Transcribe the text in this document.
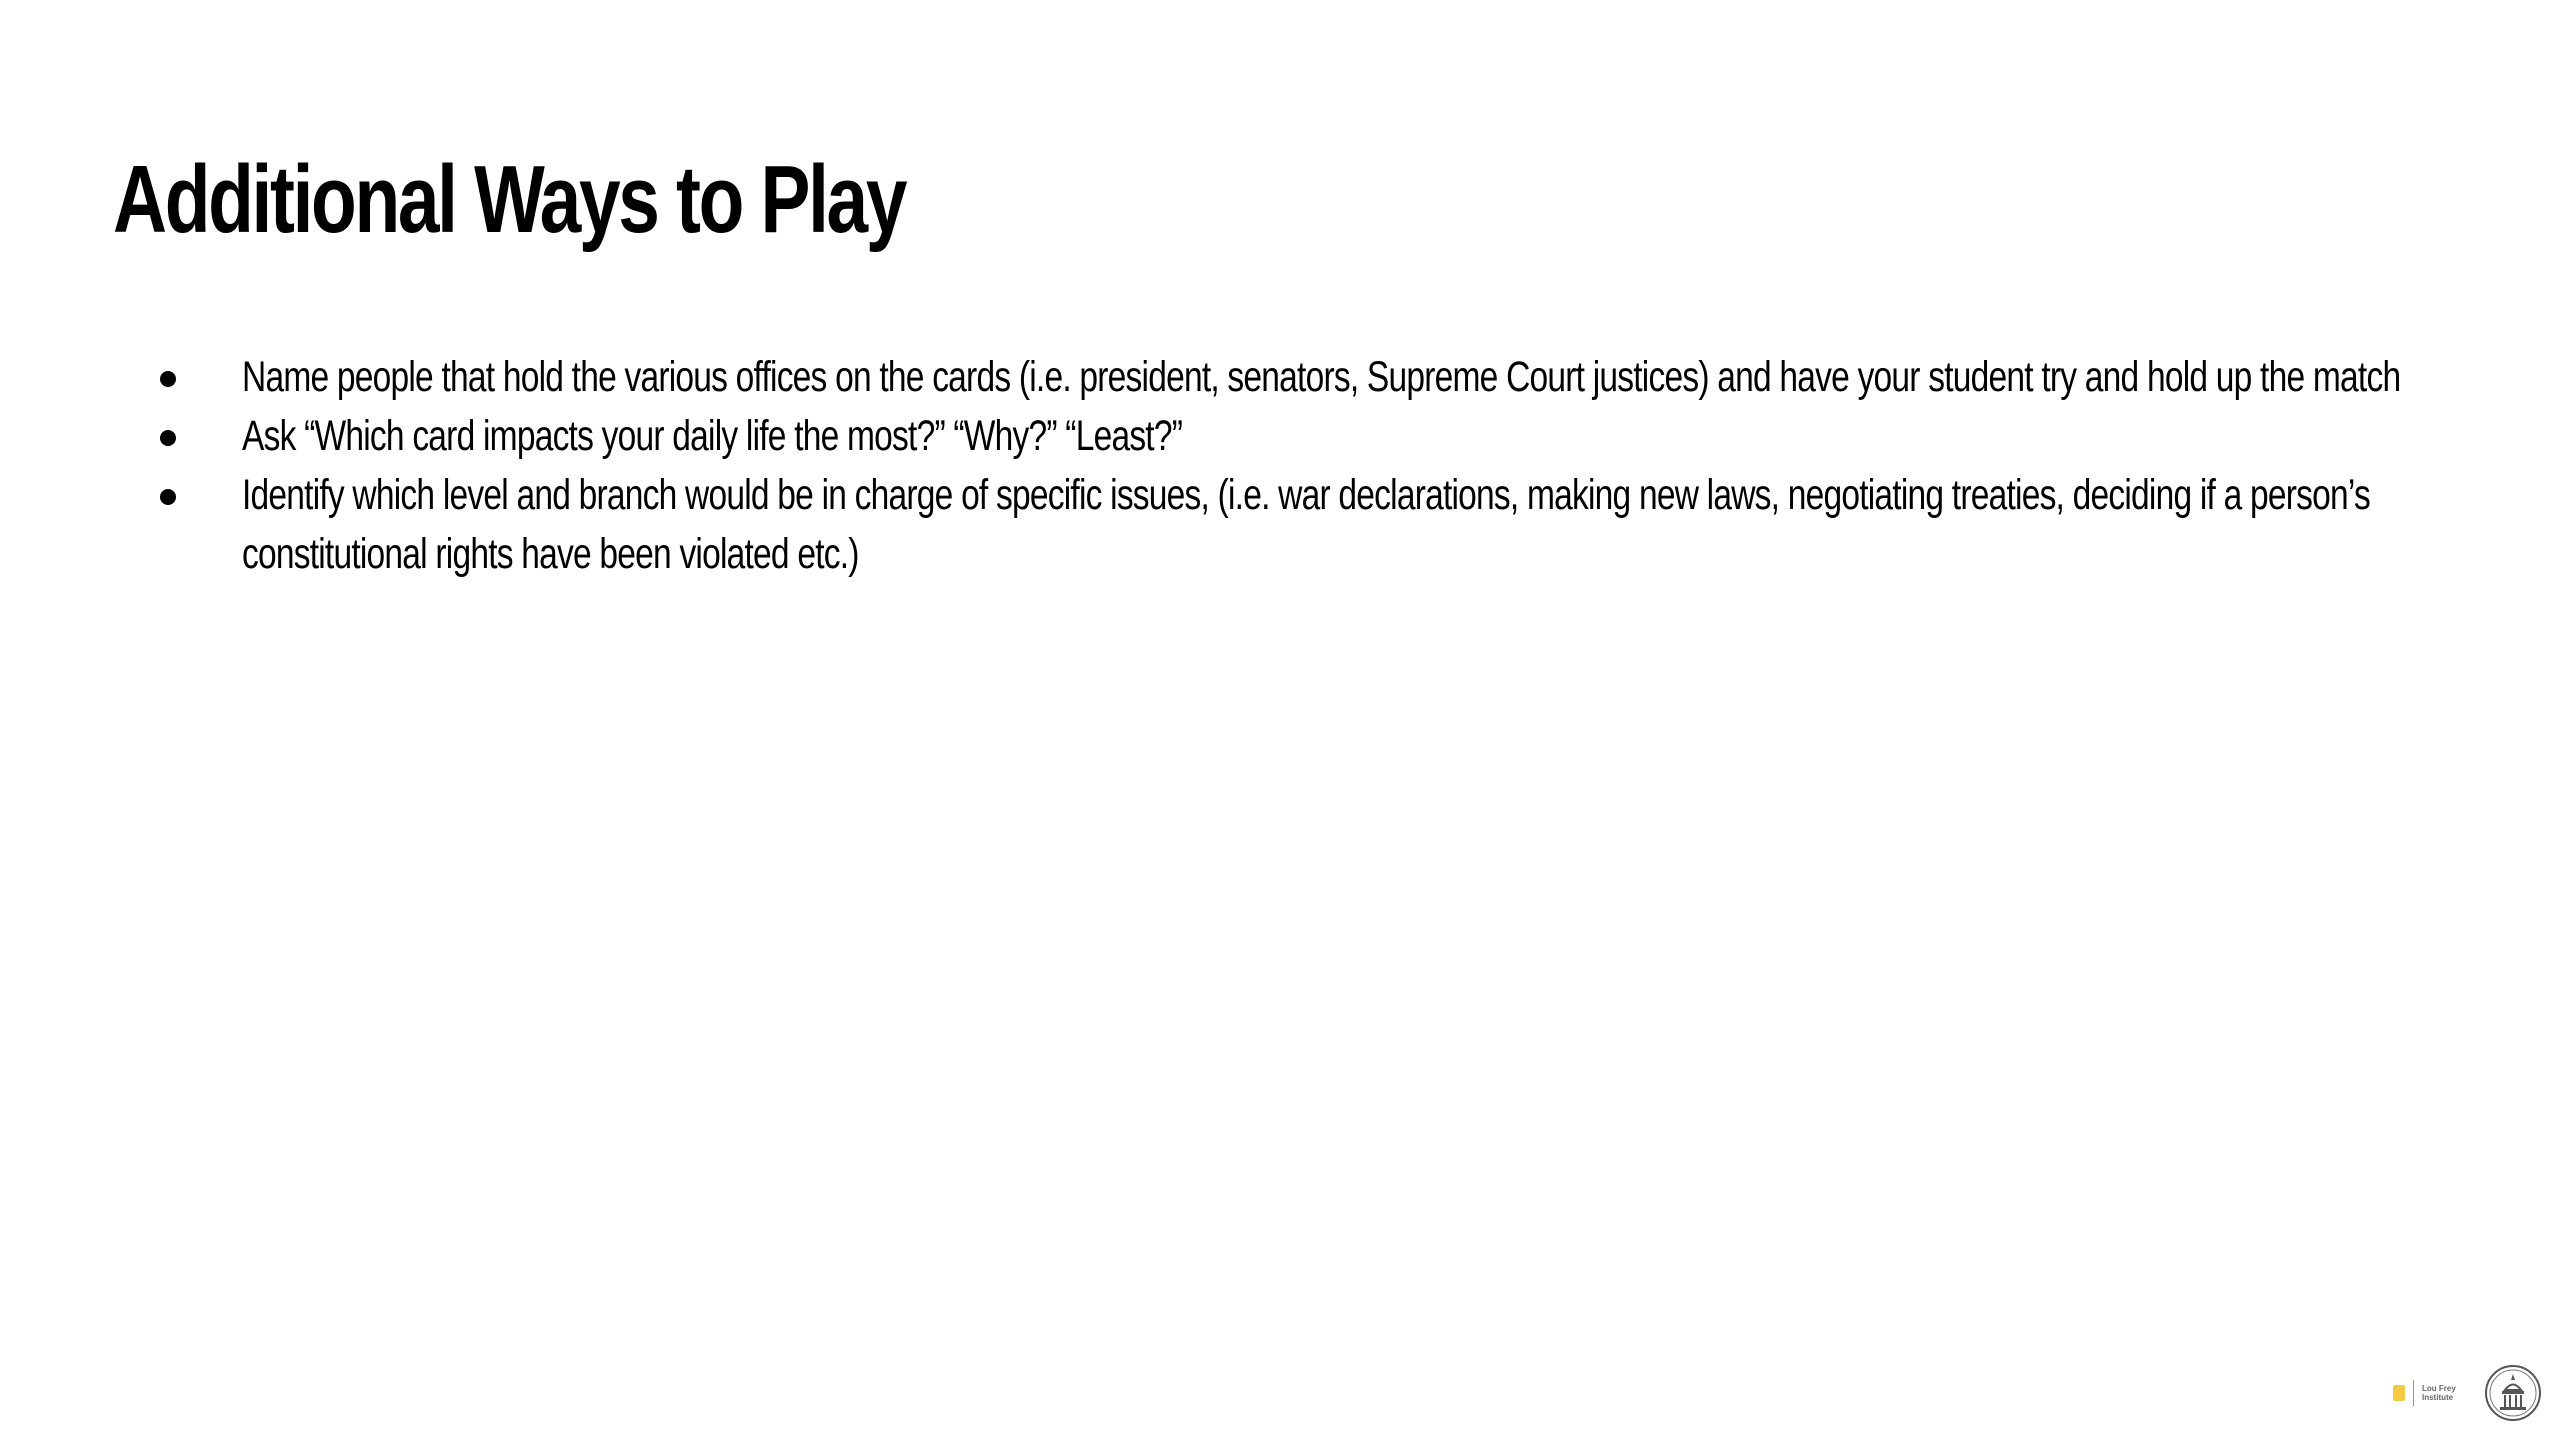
Additional Ways to Play
Name people that hold the various offices on the cards (i.e. president, senators, Supreme Court justices) and have your student try and hold up the match
Ask “Which card impacts your daily life the most?” “Why?” “Least?”
Identify which level and branch would be in charge of specific issues, (i.e. war declarations, making new laws, negotiating treaties, deciding if a person’s constitutional rights have been violated etc.)
Lou Frey Institute
